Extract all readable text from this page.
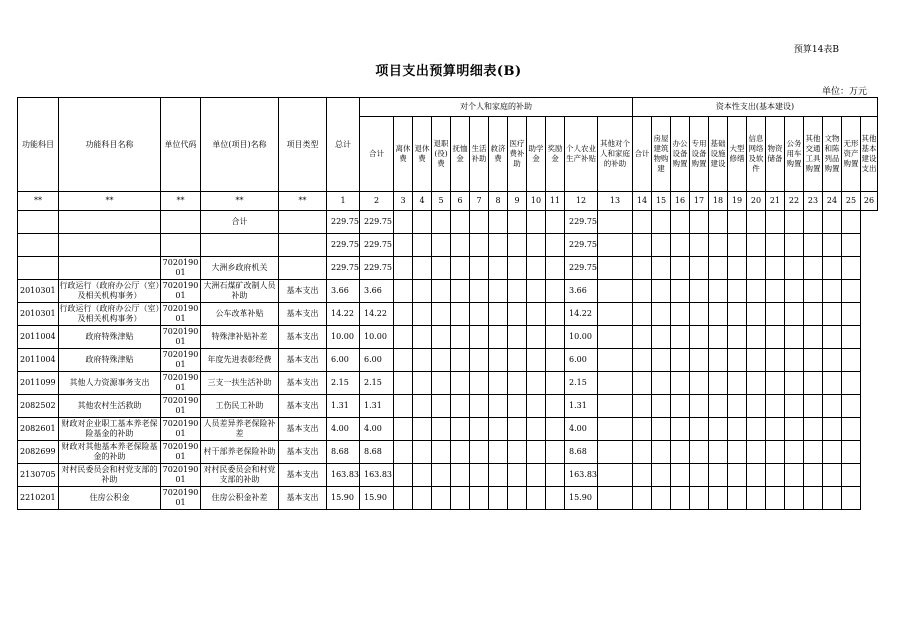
预算14表B
项目支出预算明细表(B)
单位：万元
功能科目	功能科目名称	单位代码	单位(项目)名称	项目类型	总计	对个人和家庭的补助												资本性支出(基本建设)												
						合计	离休费	退休费	退职(役)费	抚恤金	生活补助	救济费	医疗费补助	助学金	奖励金	个人农业生产补贴	其他对个人和家庭的补助	合计	房屋建筑物购建	办公设备购置	专用设备购置	基础设施建设	大型修缮	信息网络及软件	物资储备	公务用车购置	其他交通工具购置	文物和陈列品购置	无形资产购置	其他基本建设支出
**	**	**	**	**	1	2	3	4	5	6	7	8	9	10	11	12	13	14	15	16	17	18	19	20	21	22	23	24	25	26
			合计		229.75	229.75										229.75														
					229.75	229.75										229.75														
		702019001	大洲乡政府机关		229.75	229.75										229.75														
2010301	行政运行（政府办公厅（室）及相关机构事务）	702019001	大洲石煤矿改制人员补助	基本支出	3.66	3.66										3.66														
2010301	行政运行（政府办公厅（室）及相关机构事务）	702019001	公车改革补贴	基本支出	14.22	14.22										14.22														
2011004	政府特殊津贴	702019001	特殊津补贴补差	基本支出	10.00	10.00										10.00														
2011004	政府特殊津贴	702019001	年度先进表彰经费	基本支出	6.00	6.00										6.00														
2011099	其他人力资源事务支出	702019001	三支一扶生活补助	基本支出	2.15	2.15										2.15														
2082502	其他农村生活救助	702019001	工伤民工补助	基本支出	1.31	1.31										1.31														
2082601	财政对企业职工基本养老保险基金的补助	702019001	人员差异养老保险补差	基本支出	4.00	4.00										4.00														
2082699	财政对其他基本养老保险基金的补助	702019001	村干部养老保险补助	基本支出	8.68	8.68										8.68														
2130705	对村民委员会和村党支部的补助	702019001	对村民委员会和村党支部的补助	基本支出	163.83	163.83										163.83														
2210201	住房公积金	702019001	住房公积金补差	基本支出	15.90	15.90										15.90														
